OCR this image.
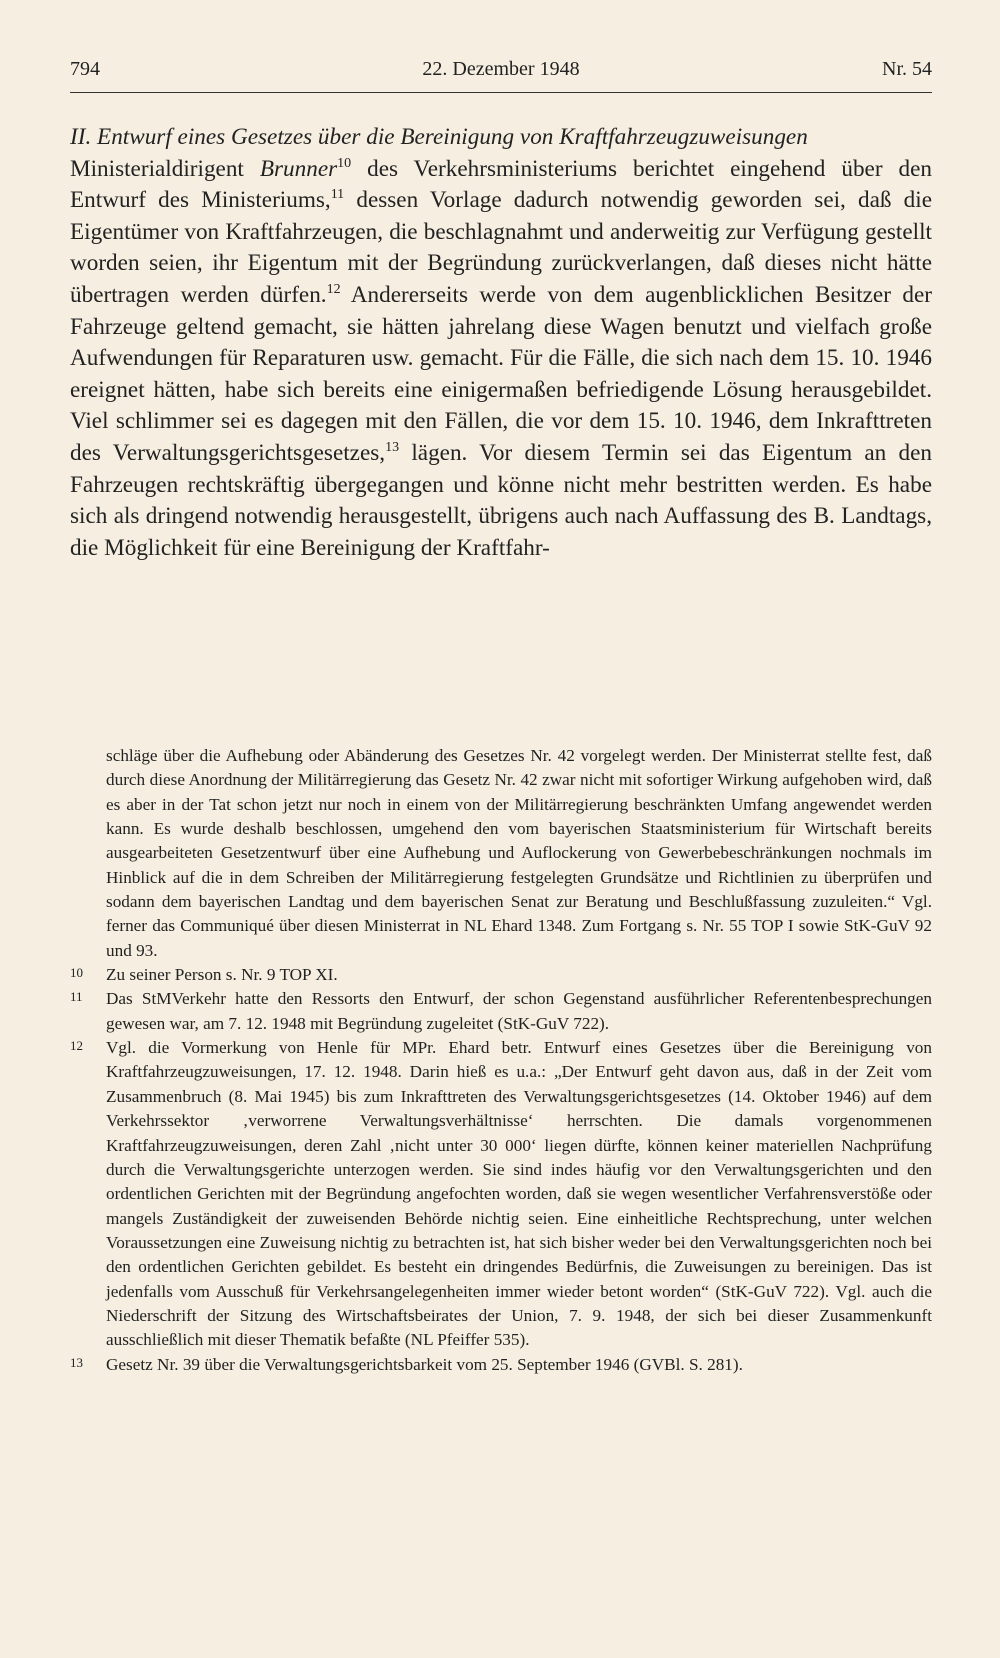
794	22. Dezember 1948	Nr. 54

II. Entwurf eines Gesetzes über die Bereinigung von Kraftfahrzeugzuweisungen

Ministerialdirigent Brunner$^{10}$ des Verkehrsministeriums berichtet eingehend über den Entwurf des Ministeriums,$^{11}$ dessen Vorlage dadurch notwendig geworden sei, daß die Eigentümer von Kraftfahrzeugen, die beschlagnahmt und anderweitig zur Verfügung gestellt worden seien, ihr Eigentum mit der Begründung zurückverlangen, daß dieses nicht hätte übertragen werden dürfen.$^{12}$ Andererseits werde von dem augenblicklichen Besitzer der Fahrzeuge geltend gemacht, sie hätten jahrelang diese Wagen benutzt und vielfach große Aufwendungen für Reparaturen usw. gemacht. Für die Fälle, die sich nach dem 15. 10. 1946 ereignet hätten, habe sich bereits eine einigermaßen befriedigende Lösung herausgebildet. Viel schlimmer sei es dagegen mit den Fällen, die vor dem 15. 10. 1946, dem Inkrafttreten des Verwaltungsgerichtsgesetzes,$^{13}$ lägen. Vor diesem Termin sei das Eigentum an den Fahrzeugen rechtskräftig übergegangen und könne nicht mehr bestritten werden. Es habe sich als dringend notwendig herausgestellt, übrigens auch nach Auffassung des B. Landtags, die Möglichkeit für eine Bereinigung der Kraftfahr-

schläge über die Aufhebung oder Abänderung des Gesetzes Nr. 42 vorgelegt werden. Der Ministerrat stellte fest, daß durch diese Anordnung der Militärregierung das Gesetz Nr. 42 zwar nicht mit sofortiger Wirkung aufgehoben wird, daß es aber in der Tat schon jetzt nur noch in einem von der Militärregierung beschränkten Umfang angewendet werden kann. Es wurde deshalb beschlossen, umgehend den vom bayerischen Staatsministerium für Wirtschaft bereits ausgearbeiteten Gesetzentwurf über eine Aufhebung und Auflockerung von Gewerbebeschränkungen nochmals im Hinblick auf die in dem Schreiben der Militärregierung festgelegten Grundsätze und Richtlinien zu überprüfen und sodann dem bayerischen Landtag und dem bayerischen Senat zur Beratung und Beschlußfassung zuzuleiten.“ Vgl. ferner das Communiqué über diesen Ministerrat in NL Ehard 1348. Zum Fortgang s. Nr. 55 TOP I sowie StK-GuV 92 und 93.

10 Zu seiner Person s. Nr. 9 TOP XI.
11 Das StMVerkehr hatte den Ressorts den Entwurf, der schon Gegenstand ausführlicher Referentenbesprechungen gewesen war, am 7. 12. 1948 mit Begründung zugeleitet (StK-GuV 722).
12 Vgl. die Vormerkung von Henle für MPr. Ehard betr. Entwurf eines Gesetzes über die Bereinigung von Kraftfahrzeugzuweisungen, 17. 12. 1948. Darin hieß es u.a.: „Der Entwurf geht davon aus, daß in der Zeit vom Zusammenbruch (8. Mai 1945) bis zum Inkrafttreten des Verwaltungsgerichtsgesetzes (14. Oktober 1946) auf dem Verkehrssektor ‚verworrene Verwaltungsverhältnisse‘ herrschten. Die damals vorgenommenen Kraftfahrzeugzuweisungen, deren Zahl ‚nicht unter 30 000‘ liegen dürfte, können keiner materiellen Nachprüfung durch die Verwaltungsgerichte unterzogen werden. Sie sind indes häufig vor den Verwaltungsgerichten und den ordentlichen Gerichten mit der Begründung angefochten worden, daß sie wegen wesentlicher Verfahrensverstöße oder mangels Zuständigkeit der zuweisenden Behörde nichtig seien. Eine einheitliche Rechtsprechung, unter welchen Voraussetzungen eine Zuweisung nichtig zu betrachten ist, hat sich bisher weder bei den Verwaltungsgerichten noch bei den ordentlichen Gerichten gebildet. Es besteht ein dringendes Bedürfnis, die Zuweisungen zu bereinigen. Das ist jedenfalls vom Ausschuß für Verkehrsangelegenheiten immer wieder betont worden“ (StK-GuV 722). Vgl. auch die Niederschrift der Sitzung des Wirtschaftsbeirates der Union, 7. 9. 1948, der sich bei dieser Zusammenkunft ausschließlich mit dieser Thematik befaßte (NL Pfeiffer 535).
13 Gesetz Nr. 39 über die Verwaltungsgerichtsbarkeit vom 25. September 1946 (GVBl. S. 281).
